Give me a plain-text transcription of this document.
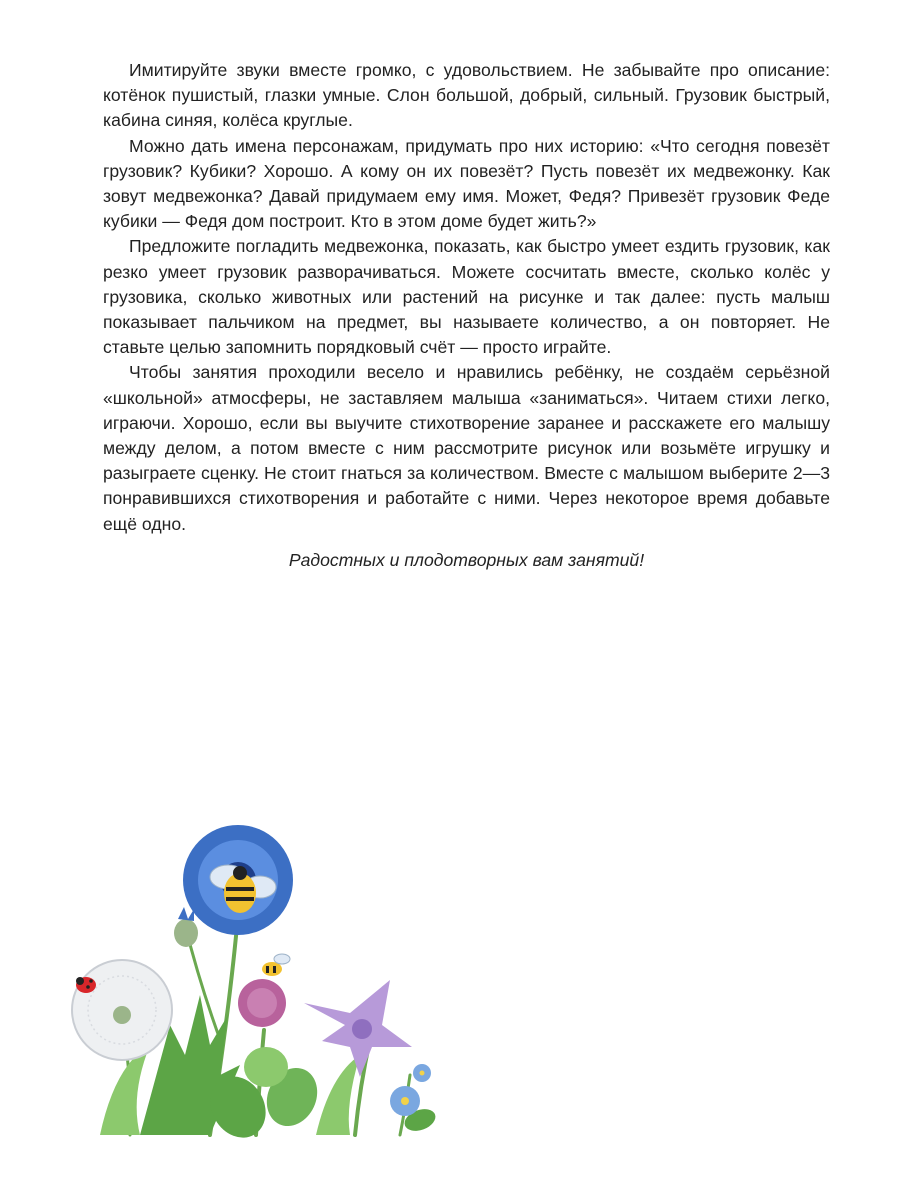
Имитируйте звуки вместе громко, с удовольствием. Не забывайте про описание: котёнок пушистый, глазки умные. Слон большой, добрый, сильный. Грузовик быстрый, кабина синяя, колёса круглые.

Можно дать имена персонажам, придумать про них историю: «Что сегодня повезёт грузовик? Кубики? Хорошо. А кому он их повезёт? Пусть повезёт их медвежонку. Как зовут медвежонка? Давай придумаем ему имя. Может, Федя? Привезёт грузовик Феде кубики — Федя дом построит. Кто в этом доме будет жить?»

Предложите погладить медвежонка, показать, как быстро умеет ездить грузовик, как резко умеет грузовик разворачиваться. Можете сосчитать вместе, сколько колёс у грузовика, сколько животных или растений на рисунке и так далее: пусть малыш показывает пальчиком на предмет, вы называете количество, а он повторяет. Не ставьте целью запомнить порядковый счёт — просто играйте.

Чтобы занятия проходили весело и нравились ребёнку, не создаём серьёзной «школьной» атмосферы, не заставляем малыша «заниматься». Читаем стихи легко, играючи. Хорошо, если вы выучите стихотворение заранее и расскажете его малышу между делом, а потом вместе с ним рассмотрите рисунок или возьмёте игрушку и разыграете сценку. Не стоит гнаться за количеством. Вместе с малышом выберите 2—3 понравившихся стихотворения и работайте с ними. Через некоторое время добавьте ещё одно.

Радостных и плодотворных вам занятий!
